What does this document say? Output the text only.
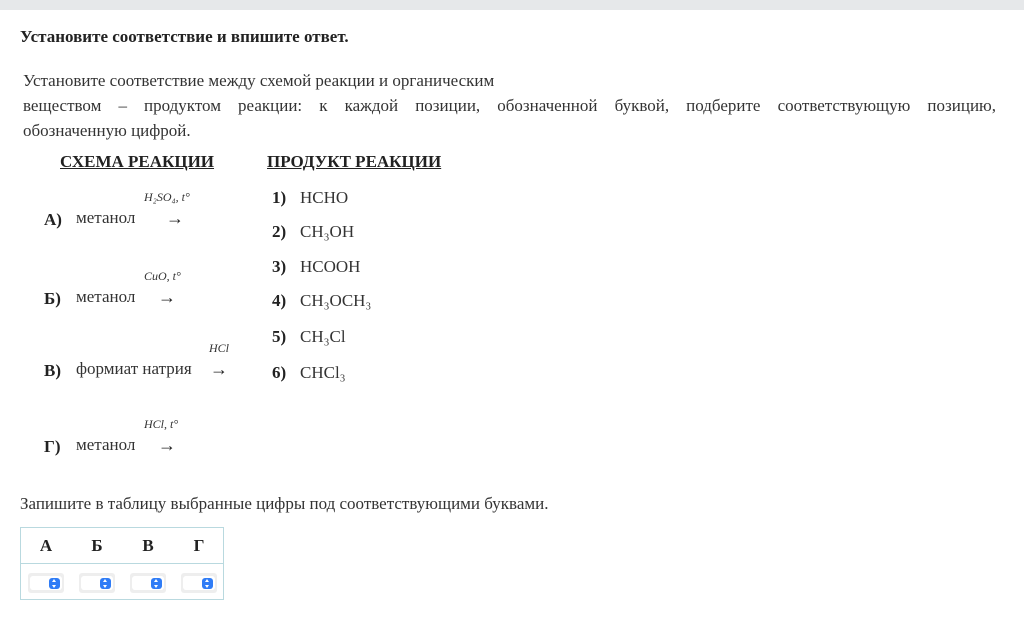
Установите соответствие и впишите ответ.
Установите соответствие между схемой реакции и органическим
веществом – продуктом реакции: к каждой позиции, обозначенной буквой, подберите соответствующую позицию,
обозначенную цифрой.
СХЕМА РЕАКЦИИ	ПРОДУКТ РЕАКЦИИ
А) метанол
H₂SO₄, t°
→
Б) метанол
CuO, t°
→
В) формиат натрия
HCl
→
Г) метанол
HCl, t°
→
1) HCHO
2) CH₃OH
3) HCOOH
4) CH₃OCH₃
5) CH₃Cl
6) CHCl₃
Запишите в таблицу выбранные цифры под соответствующими буквами.
А	Б	В	Г
